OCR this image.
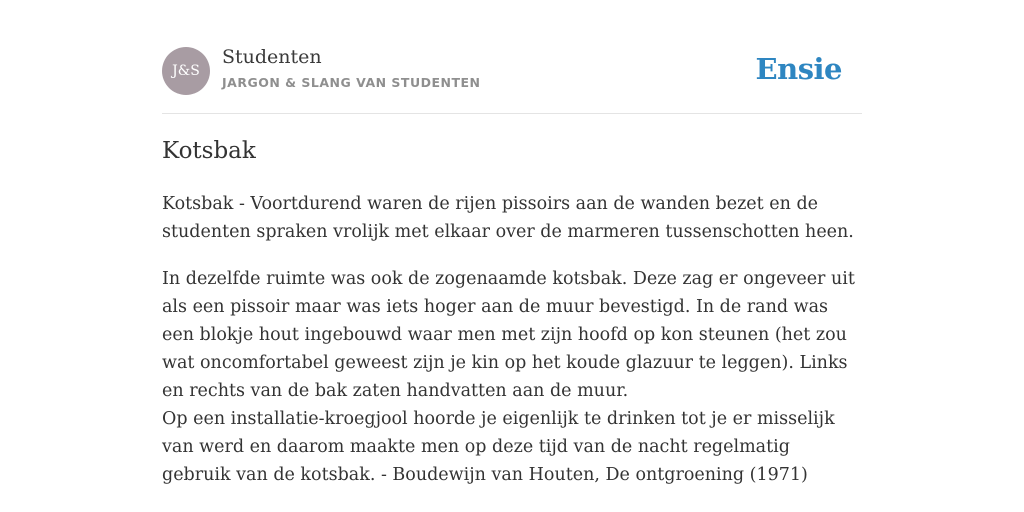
J&S
Studenten
JARGON & SLANG VAN STUDENTEN	Ensie
Kotsbak

Kotsbak - Voortdurend waren de rijen pissoirs aan de wanden bezet en de studenten spraken vrolijk met elkaar over de marmeren tussenschotten heen.

In dezelfde ruimte was ook de zogenaamde kotsbak. Deze zag er ongeveer uit als een pissoir maar was iets hoger aan de muur bevestigd. In de rand was een blokje hout ingebouwd waar men met zijn hoofd op kon steunen (het zou wat oncomfortabel geweest zijn je kin op het koude glazuur te leggen). Links en rechts van de bak zaten handvatten aan de muur.

Op een installatie-kroegjool hoorde je eigenlijk te drinken tot je er misselijk van werd en daarom maakte men op deze tijd van de nacht regelmatig gebruik van de kotsbak. - Boudewijn van Houten, De ontgroening (1971)
